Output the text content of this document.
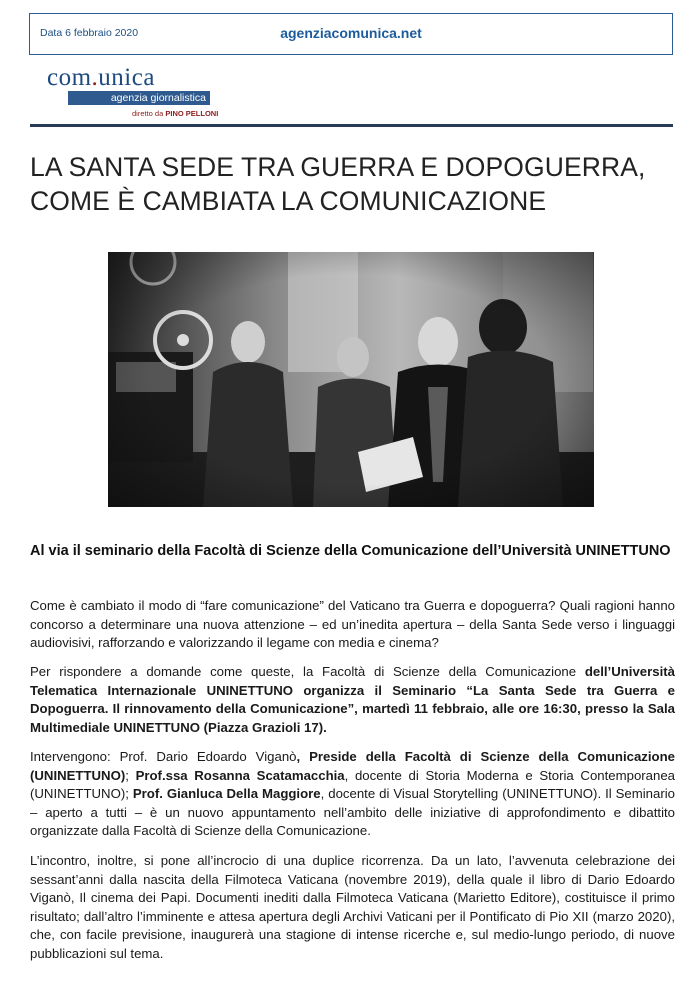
Data 6 febbraio 2020	agenziacomunica.net
com.unica
agenzia giornalistica
diretto da PINO PELLONI
LA SANTA SEDE TRA GUERRA E DOPOGUERRA, COME È CAMBIATA LA COMUNICAZIONE
Al via il seminario della Facoltà di Scienze della Comunicazione dell’Università UNINETTUNO

Come è cambiato il modo di “fare comunicazione” del Vaticano tra Guerra e dopoguerra? Quali ragioni hanno concorso a determinare una nuova attenzione – ed un’inedita apertura – della Santa Sede verso i linguaggi audiovisivi, rafforzando e valorizzando il legame con media e cinema?

Per rispondere a domande come queste, la Facoltà di Scienze della Comunicazione dell’Università Telematica Internazionale UNINETTUNO organizza il Seminario “La Santa Sede tra Guerra e Dopoguerra. Il rinnovamento della Comunicazione”, martedì 11 febbraio, alle ore 16:30, presso la Sala Multimediale UNINETTUNO (Piazza Grazioli 17).

Intervengono: Prof. Dario Edoardo Viganò, Preside della Facoltà di Scienze della Comunicazione (UNINETTUNO); Prof.ssa Rosanna Scatamacchia, docente di Storia Moderna e Storia Contemporanea (UNINETTUNO); Prof. Gianluca Della Maggiore, docente di Visual Storytelling (UNINETTUNO). Il Seminario – aperto a tutti – è un nuovo appuntamento nell’ambito delle iniziative di approfondimento e dibattito organizzate dalla Facoltà di Scienze della Comunicazione.

L’incontro, inoltre, si pone all’incrocio di una duplice ricorrenza. Da un lato, l’avvenuta celebrazione dei sessant’anni dalla nascita della Filmoteca Vaticana (novembre 2019), della quale il libro di Dario Edoardo Viganò, Il cinema dei Papi. Documenti inediti dalla Filmoteca Vaticana (Marietto Editore), costituisce il primo risultato; dall’altro l’imminente e attesa apertura degli Archivi Vaticani per il Pontificato di Pio XII (marzo 2020), che, con facile previsione, inaugurerà una stagione di intense ricerche e, sul medio-lungo periodo, di nuove pubblicazioni sul tema.
